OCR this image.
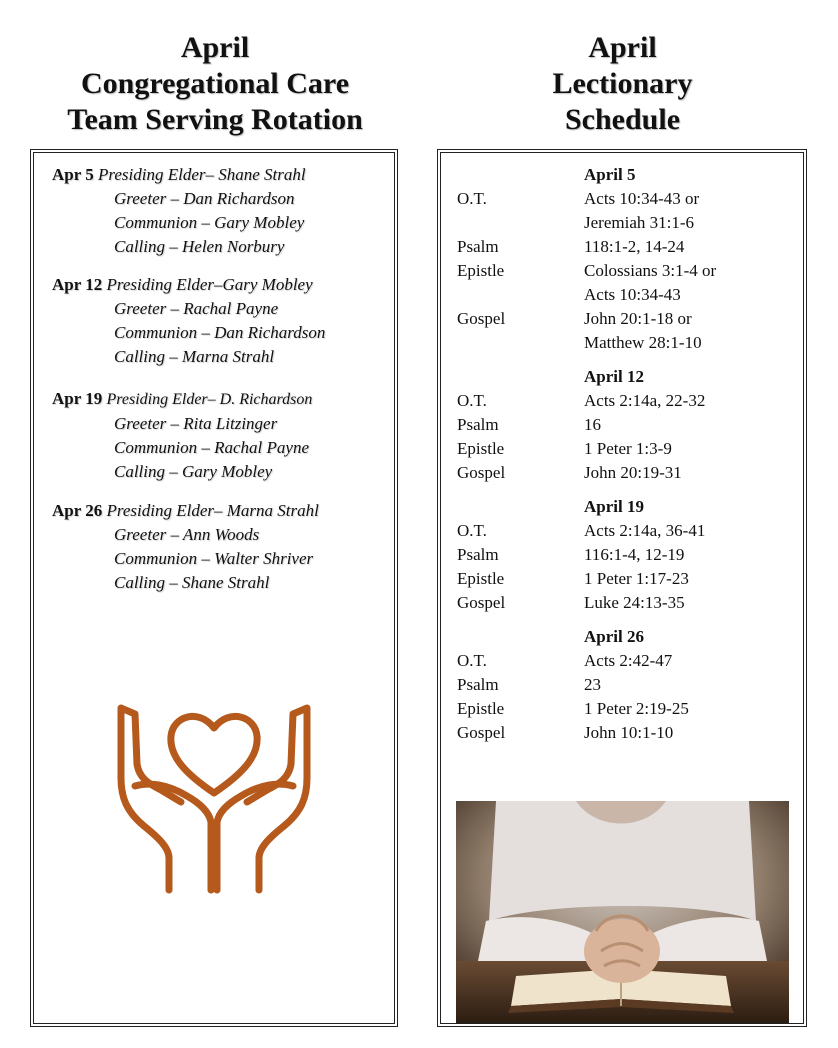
April
Congregational Care
Team Serving Rotation
April
Lectionary
Schedule
Apr 5 Presiding Elder– Shane Strahl
Greeter – Dan Richardson
Communion – Gary Mobley
Calling – Helen Norbury
Apr 12 Presiding Elder–Gary Mobley
Greeter – Rachal Payne
Communion – Dan Richardson
Calling – Marna Strahl
Apr 19 Presiding Elder– D. Richardson
Greeter – Rita Litzinger
Communion – Rachal Payne
Calling – Gary Mobley
Apr 26 Presiding Elder– Marna Strahl
Greeter – Ann Woods
Communion – Walter Shriver
Calling – Shane Strahl
April 5
O.T.	Acts 10:34-43 or
Jeremiah 31:1-6
Psalm	118:1-2, 14-24
Epistle	Colossians 3:1-4 or
Acts 10:34-43
Gospel	John 20:1-18 or
Matthew 28:1-10
April 12
O.T.	Acts 2:14a, 22-32
Psalm	16
Epistle	1 Peter 1:3-9
Gospel	John 20:19-31
April 19
O.T.	Acts 2:14a, 36-41
Psalm	116:1-4, 12-19
Epistle	1 Peter 1:17-23
Gospel	Luke 24:13-35
April 26
O.T.	Acts 2:42-47
Psalm	23
Epistle	1 Peter 2:19-25
Gospel	John 10:1-10
